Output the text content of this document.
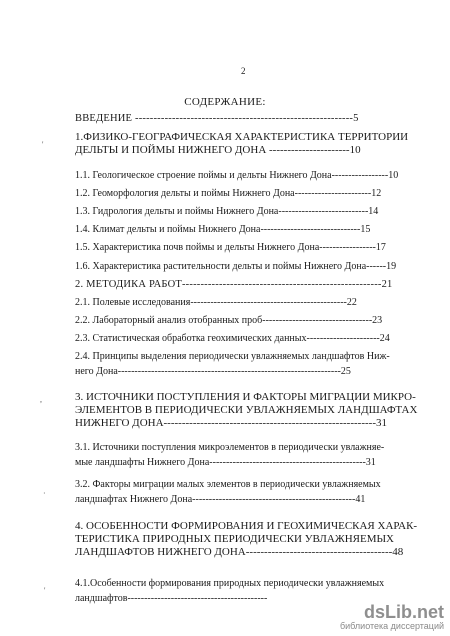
2
СОДЕРЖАНИЕ:
ВВЕДЕНИЕ -----------------------------------------------------------5
1.ФИЗИКО-ГЕОГРАФИЧЕСКАЯ ХАРАКТЕРИСТИКА ТЕРРИТОРИИ
ДЕЛЬТЫ И ПОЙМЫ НИЖНЕГО ДОНА ----------------------10
1.1. Геологическое строение поймы и дельты Нижнего Дона-----------------10
1.2. Геоморфология дельты и поймы Нижнего Дона-----------------------12
1.3. Гидрология дельты и поймы Нижнего Дона---------------------------14
1.4. Климат дельты и поймы Нижнего Дона------------------------------15
1.5. Характеристика почв поймы и дельты Нижнего Дона-----------------17
1.6. Характеристика растительности дельты и поймы Нижнего Дона------19
2. МЕТОДИКА РАБОТ------------------------------------------------------21
2.1. Полевые исследования-----------------------------------------------22
2.2. Лабораторный анализ отобранных проб---------------------------------23
2.3. Статистическая обработка геохимических данных----------------------24
2.4. Принципы выделения периодически увлажняемых ландшафтов Ниж-
него Дона-------------------------------------------------------------------25
3. ИСТОЧНИКИ ПОСТУПЛЕНИЯ И ФАКТОРЫ МИГРАЦИИ МИКРО-
ЭЛЕМЕНТОВ В ПЕРИОДИЧЕСКИ УВЛАЖНЯЕМЫХ ЛАНДШАФТАХ
НИЖНЕГО ДОНА----------------------------------------------------------31
3.1. Источники поступления микроэлементов в периодически увлажняе-
мые ландшафты Нижнего Дона-----------------------------------------------31
3.2. Факторы миграции малых элементов в периодически увлажняемых
ландшафтах Нижнего Дона-------------------------------------------------41
4. ОСОБЕННОСТИ ФОРМИРОВАНИЯ И ГЕОХИМИЧЕСКАЯ ХАРАК-
ТЕРИСТИКА ПРИРОДНЫХ ПЕРИОДИЧЕСКИ УВЛАЖНЯЕМЫХ
ЛАНДШАФТОВ НИЖНЕГО ДОНА----------------------------------------48
4.1.Особенности формирования природных периодически увлажняемых
ландшафтов------------------------------------------
'
,
·
'
dsLib.net
библиотека диссертаций
